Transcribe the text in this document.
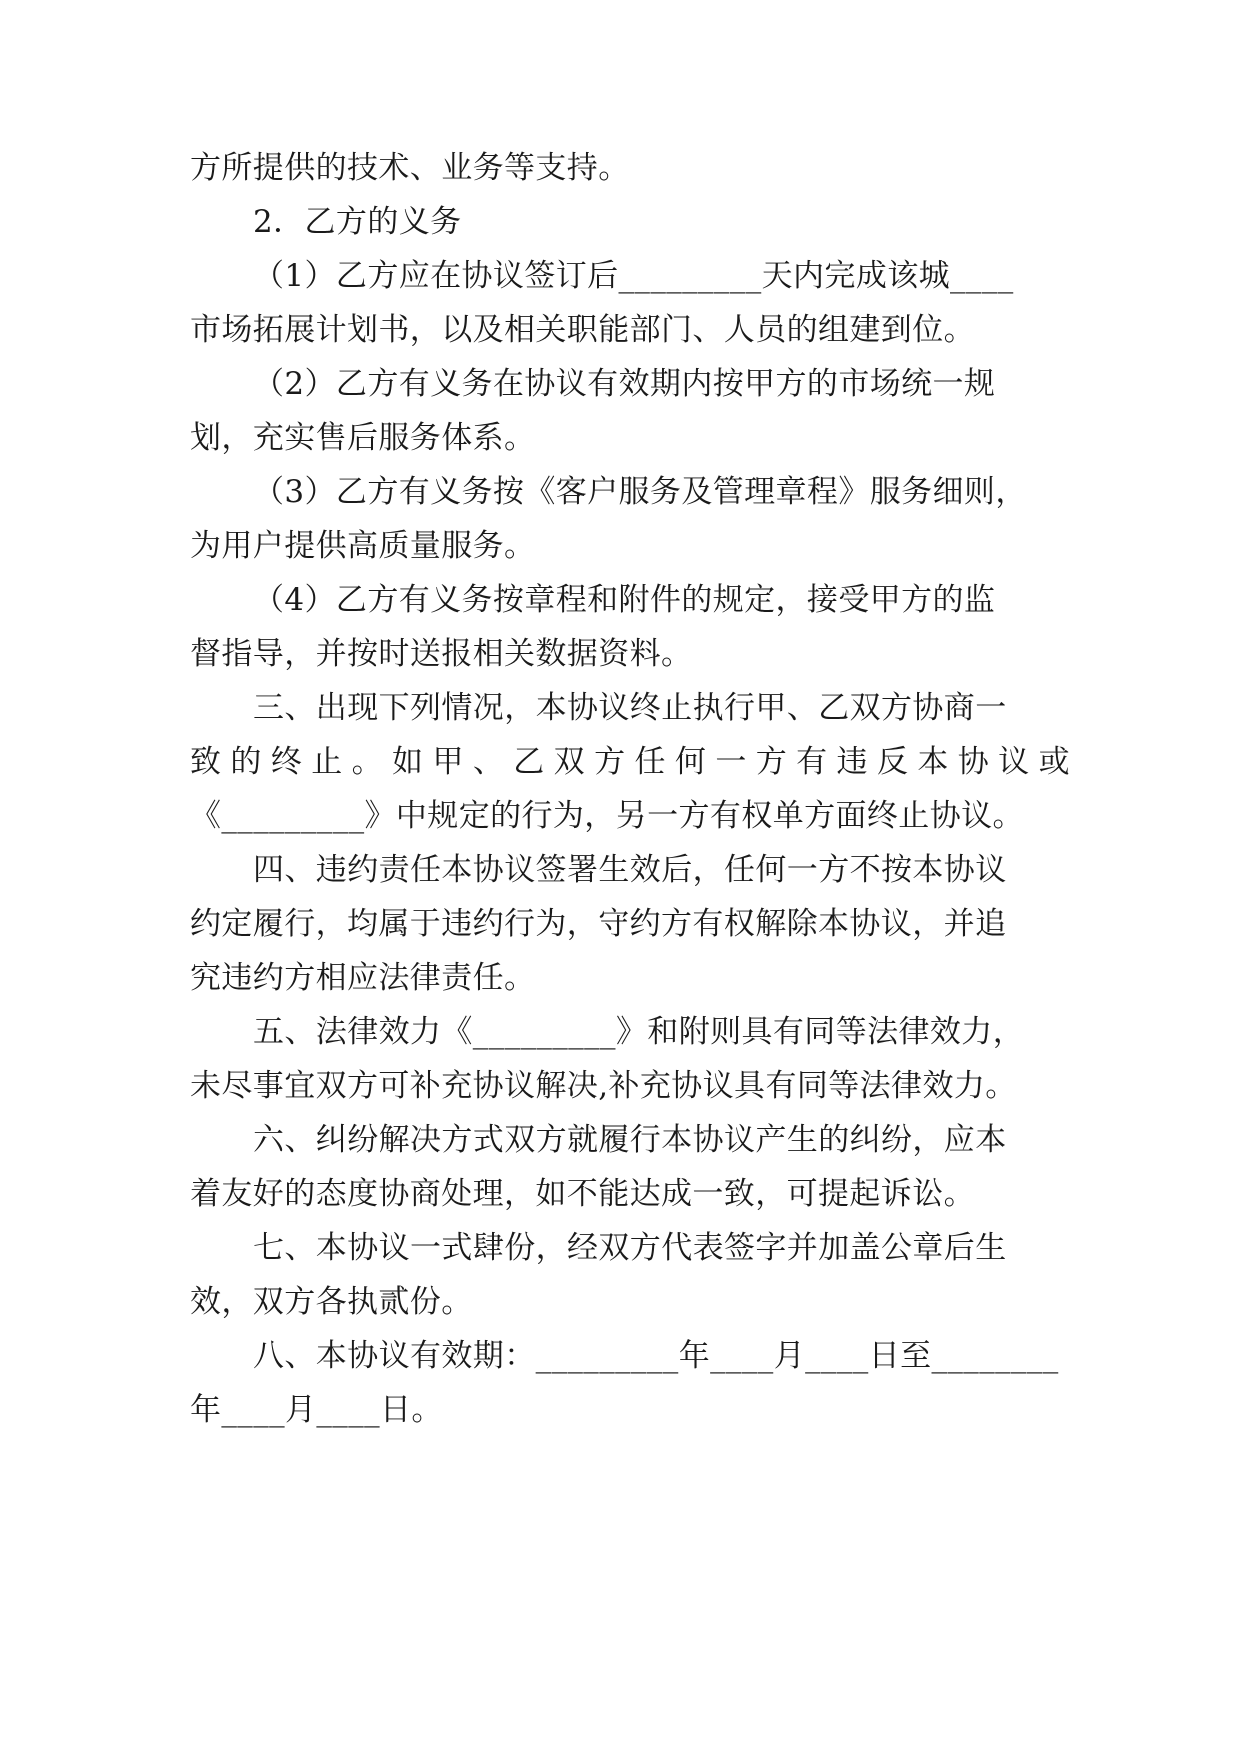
方所提供的技术、业务等支持。
2．乙方的义务
（1）乙方应在协议签订后_________天内完成该城____
市场拓展计划书，以及相关职能部门、人员的组建到位。
（2）乙方有义务在协议有效期内按甲方的市场统一规
划，充实售后服务体系。
（3）乙方有义务按《客户服务及管理章程》服务细则，
为用户提供高质量服务。
（4）乙方有义务按章程和附件的规定，接受甲方的监
督指导，并按时送报相关数据资料。
三、出现下列情况，本协议终止执行甲、乙双方协商一
致的终止。如甲、乙双方任何一方有违反本协议或
《_________》中规定的行为，另一方有权单方面终止协议。
四、违约责任本协议签署生效后，任何一方不按本协议
约定履行，均属于违约行为，守约方有权解除本协议，并追
究违约方相应法律责任。
五、法律效力《_________》和附则具有同等法律效力，
未尽事宜双方可补充协议解决,补充协议具有同等法律效力。
六、纠纷解决方式双方就履行本协议产生的纠纷，应本
着友好的态度协商处理，如不能达成一致，可提起诉讼。
七、本协议一式肆份，经双方代表签字并加盖公章后生
效，双方各执贰份。
八、本协议有效期：_________年____月____日至________
年____月____日。
